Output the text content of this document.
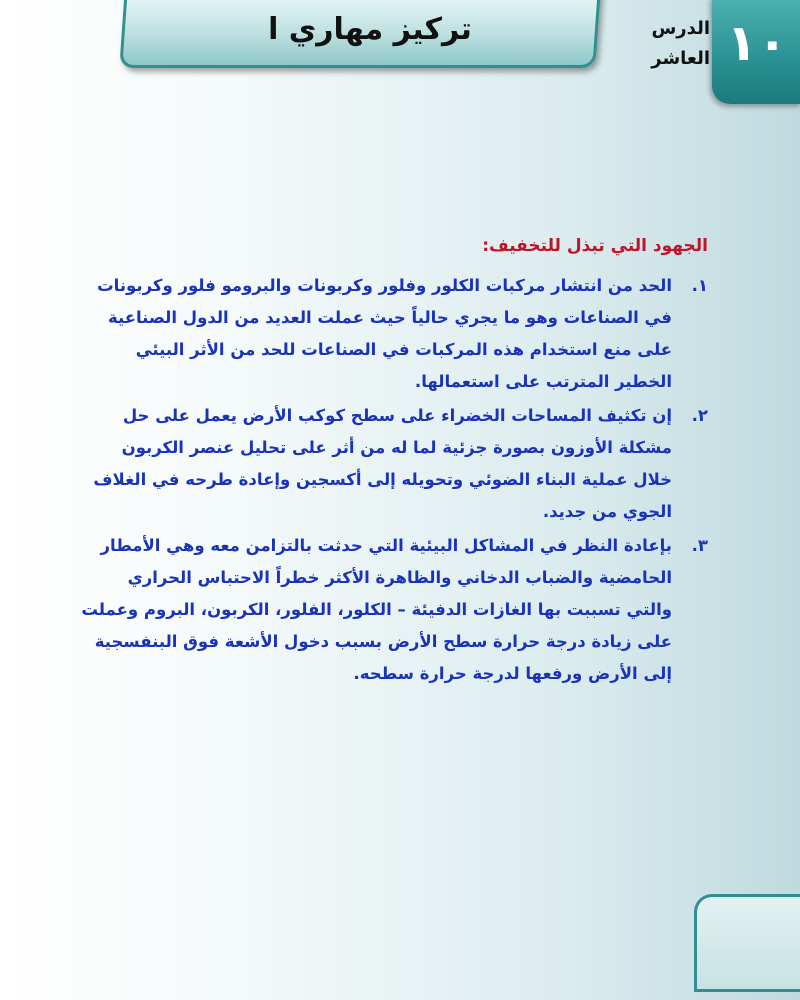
تركيز مهاري ا	الدرس
العاشر ١٠
الجهود التي تبذل للتخفيف:
١.
الحد من انتشار مركبات الكلور وفلور وكربونات والبرومو فلور وكربونات في الصناعات وهو ما يجري حالياً حيث عملت العديد من الدول الصناعية على منع استخدام هذه المركبات في الصناعات للحد من الأثر البيئي الخطير المترتب على استعمالها.
٢.
إن تكثيف المساحات الخضراء على سطح كوكب الأرض يعمل على حل مشكلة الأوزون بصورة جزئية لما له من أثر على تحليل عنصر الكربون خلال عملية البناء الضوئي وتحويله إلى أكسجين وإعادة طرحه في الغلاف الجوي من جديد.
٣.
بإعادة النظر في المشاكل البيئية التي حدثت بالتزامن معه وهي الأمطار الحامضية والضباب الدخاني والظاهرة الأكثر خطراً الاحتباس الحراري والتي تسببت بها الغازات الدفيئة – الكلور، الفلور، الكربون، البروم وعملت على زيادة درجة حرارة سطح الأرض بسبب دخول الأشعة فوق البنفسجية إلى الأرض ورفعها لدرجة حرارة سطحه.
